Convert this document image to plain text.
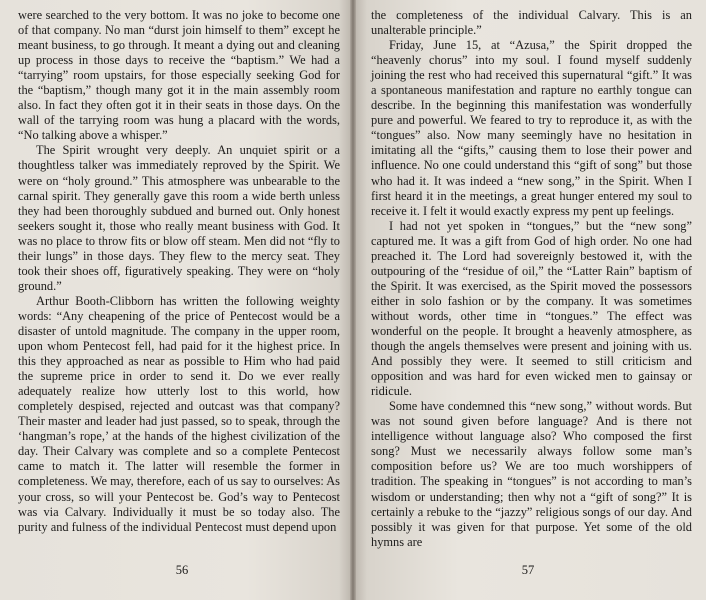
were searched to the very bottom. It was no joke to become one of that company. No man “durst join himself to them” except he meant business, to go through. It meant a dying out and cleaning up process in those days to receive the “baptism.” We had a “tarrying” room upstairs, for those especially seeking God for the “baptism,” though many got it in the main assembly room also. In fact they often got it in their seats in those days. On the wall of the tarrying room was hung a placard with the words, “No talking above a whisper.”

The Spirit wrought very deeply. An unquiet spirit or a thoughtless talker was immediately reproved by the Spirit. We were on “holy ground.” This atmosphere was unbearable to the carnal spirit. They generally gave this room a wide berth unless they had been thoroughly subdued and burned out. Only honest seekers sought it, those who really meant business with God. It was no place to throw fits or blow off steam. Men did not “fly to their lungs” in those days. They flew to the mercy seat. They took their shoes off, figuratively speaking. They were on “holy ground.”

Arthur Booth-Clibborn has written the following weighty words: “Any cheapening of the price of Pentecost would be a disaster of untold magnitude. The company in the upper room, upon whom Pentecost fell, had paid for it the highest price. In this they approached as near as possible to Him who had paid the supreme price in order to send it. Do we ever really adequately realize how utterly lost to this world, how completely despised, rejected and outcast was that company? Their master and leader had just passed, so to speak, through the ‘hangman’s rope,’ at the hands of the highest civilization of the day. Their Calvary was complete and so a complete Pentecost came to match it. The latter will resemble the former in completeness. We may, therefore, each of us say to ourselves: As your cross, so will your Pentecost be. God’s way to Pentecost was via Calvary. Individually it must be so today also. The purity and fulness of the individual Pentecost must depend upon

56

the completeness of the individual Calvary. This is an unalterable principle.”

Friday, June 15, at “Azusa,” the Spirit dropped the “heavenly chorus” into my soul. I found myself suddenly joining the rest who had received this supernatural “gift.” It was a spontaneous manifestation and rapture no earthly tongue can describe. In the beginning this manifestation was wonderfully pure and powerful. We feared to try to reproduce it, as with the “tongues” also. Now many seemingly have no hesitation in imitating all the “gifts,” causing them to lose their power and influence. No one could understand this “gift of song” but those who had it. It was indeed a “new song,” in the Spirit. When I first heard it in the meetings, a great hunger entered my soul to receive it. I felt it would exactly express my pent up feelings.

I had not yet spoken in “tongues,” but the “new song” captured me. It was a gift from God of high order. No one had preached it. The Lord had sovereignly bestowed it, with the outpouring of the “residue of oil,” the “Latter Rain” baptism of the Spirit. It was exercised, as the Spirit moved the possessors either in solo fashion or by the company. It was sometimes without words, other time in “tongues.” The effect was wonderful on the people. It brought a heavenly atmosphere, as though the angels themselves were present and joining with us. And possibly they were. It seemed to still criticism and opposition and was hard for even wicked men to gainsay or ridicule.

Some have condemned this “new song,” without words. But was not sound given before language? And is there not intelligence without language also? Who composed the first song? Must we necessarily always follow some man’s composition before us? We are too much worshippers of tradition. The speaking in “tongues” is not according to man’s wisdom or understanding; then why not a “gift of song?” It is certainly a rebuke to the “jazzy” religious songs of our day. And possibly it was given for that purpose. Yet some of the old hymns are

57
